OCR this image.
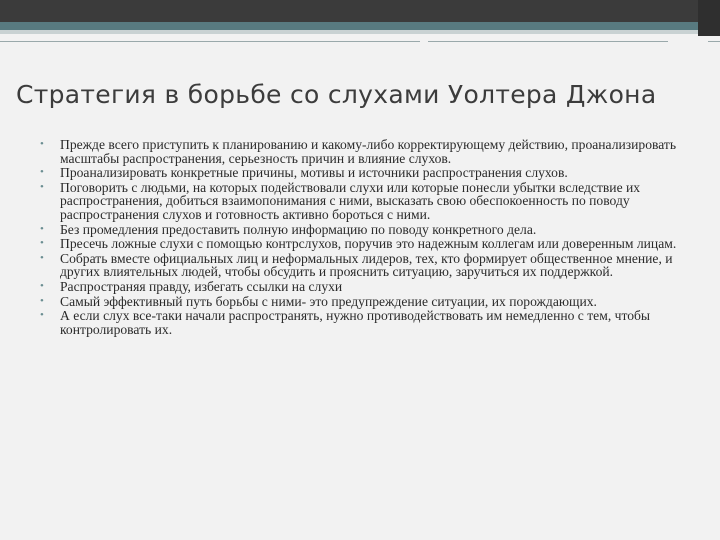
Стратегия в борьбе со слухами Уолтера Джона
• Прежде всего приступить к планированию и какому-либо корректирующему действию, проанализировать масштабы распространения, серьезность причин и влияние слухов.
• Проанализировать конкретные причины, мотивы и источники распространения слухов.
• Поговорить с людьми, на которых подействовали слухи или которые понесли убытки вследствие их распространения, добиться взаимопонимания с ними, высказать свою обеспокоенность по поводу распространения слухов и готовность активно бороться с ними.
• Без промедления предоставить полную информацию по поводу конкретного дела.
• Пресечь ложные слухи с помощью контрслухов, поручив это надежным коллегам или доверенным лицам.
• Собрать вместе официальных лиц и неформальных лидеров, тех, кто формирует общественное мнение, и других влиятельных людей, чтобы обсудить и прояснить ситуацию, заручиться их поддержкой.
• Распространяя правду, избегать ссылки на слухи
• Самый эффективный путь борьбы с ними- это предупреждение ситуации, их порождающих.
• А если слух все-таки начали распространять, нужно противодействовать им немедленно с тем, чтобы контролировать их.
